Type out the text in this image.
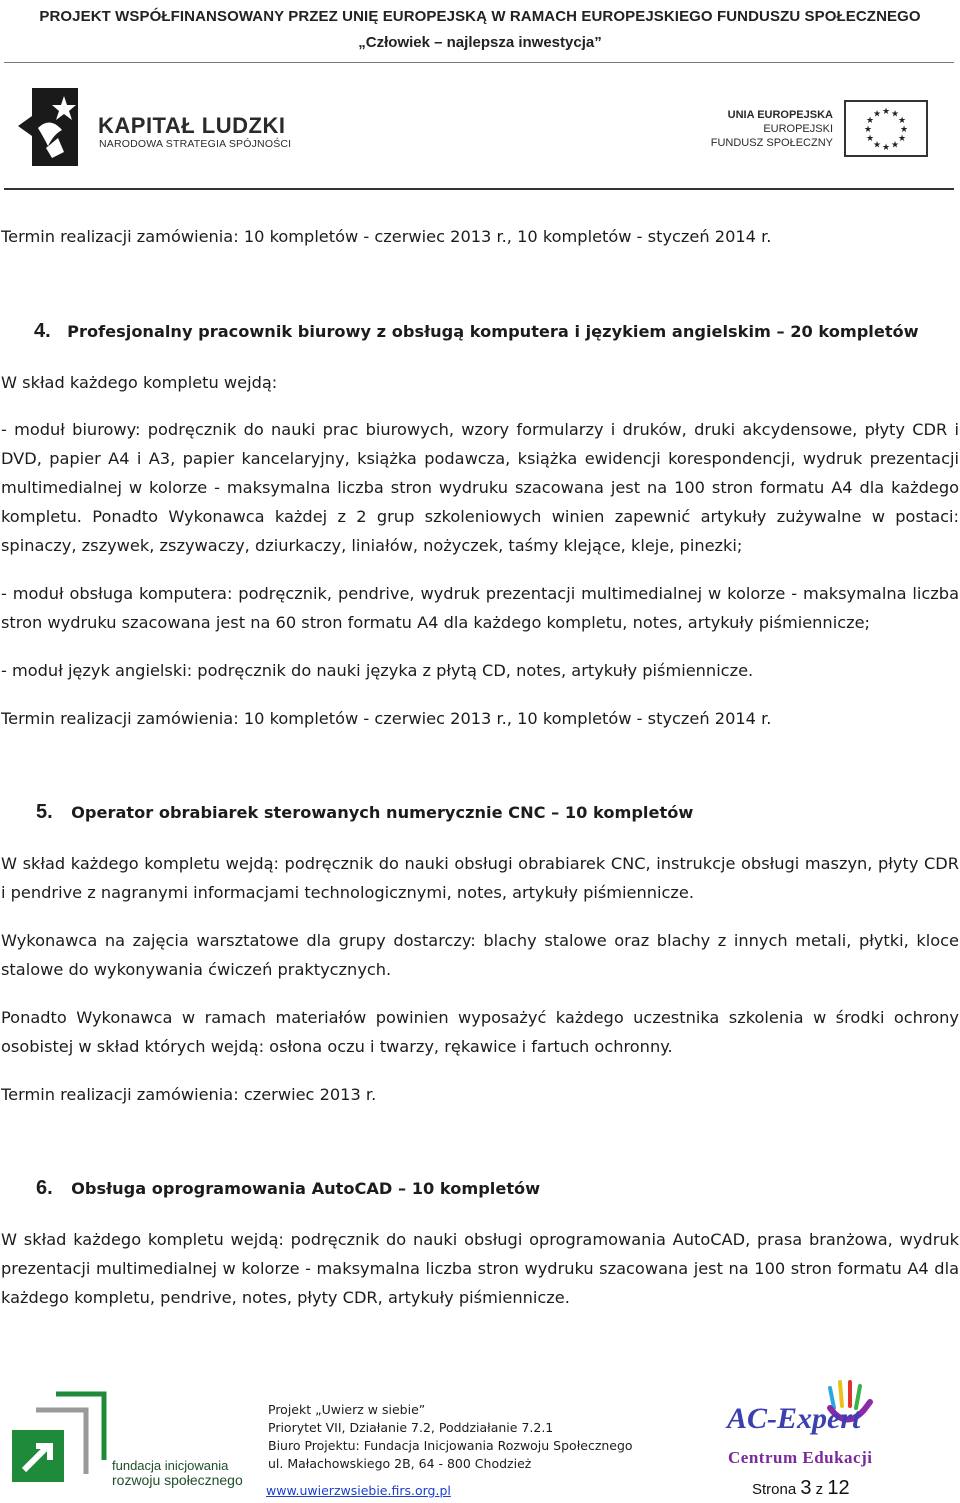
PROJEKT WSPÓŁFINANSOWANY PRZEZ UNIĘ EUROPEJSKĄ W RAMACH EUROPEJSKIEGO FUNDUSZU SPOŁECZNEGO
„Człowiek – najlepsza inwestycja”
KAPITAŁ LUDZKI
NARODOWA STRATEGIA SPÓJNOŚCI
UNIA EUROPEJSKA
EUROPEJSKI
FUNDUSZ SPOŁECZNY
★ ★
★
★
★
★
★
★
★
★
★
★

Termin realizacji zamówienia: 10 kompletów - czerwiec 2013 r., 10 kompletów - styczeń 2014 r.

4. Profesjonalny pracownik biurowy z obsługą komputera i językiem angielskim – 20 kompletów

W skład każdego kompletu wejdą:

- moduł biurowy: podręcznik do nauki prac biurowych, wzory formularzy i druków, druki akcydensowe, płyty CDR i DVD, papier A4 i A3, papier kancelaryjny, książka podawcza, książka ewidencji korespondencji, wydruk prezentacji multimedialnej w kolorze - maksymalna liczba stron wydruku szacowana jest na 100 stron formatu A4 dla każdego kompletu. Ponadto Wykonawca każdej z 2 grup szkoleniowych winien zapewnić artykuły zużywalne w postaci: spinaczy, zszywek, zszywaczy, dziurkaczy, liniałów, nożyczek, taśmy klejące, kleje, pinezki;

- moduł obsługa komputera: podręcznik, pendrive, wydruk prezentacji multimedialnej w kolorze - maksymalna liczba stron wydruku szacowana jest na 60 stron formatu A4 dla każdego kompletu, notes, artykuły piśmiennicze;

- moduł język angielski: podręcznik do nauki języka z płytą CD, notes, artykuły piśmiennicze.

Termin realizacji zamówienia: 10 kompletów - czerwiec 2013 r., 10 kompletów - styczeń 2014 r.

5. Operator obrabiarek sterowanych numerycznie CNC – 10 kompletów

W skład każdego kompletu wejdą: podręcznik do nauki obsługi obrabiarek CNC, instrukcje obsługi maszyn, płyty CDR i pendrive z nagranymi informacjami technologicznymi, notes, artykuły piśmiennicze.

Wykonawca na zajęcia warsztatowe dla grupy dostarczy: blachy stalowe oraz blachy z innych metali, płytki, kloce stalowe do wykonywania ćwiczeń praktycznych.

Ponadto Wykonawca w ramach materiałów powinien wyposażyć każdego uczestnika szkolenia w środki ochrony osobistej w skład których wejdą: osłona oczu i twarzy, rękawice i fartuch ochronny.

Termin realizacji zamówienia: czerwiec 2013 r.

6. Obsługa oprogramowania AutoCAD – 10 kompletów

W skład każdego kompletu wejdą: podręcznik do nauki obsługi oprogramowania AutoCAD, prasa branżowa, wydruk prezentacji multimedialnej w kolorze - maksymalna liczba stron wydruku szacowana jest na 100 stron formatu A4 dla każdego kompletu, pendrive, notes, płyty CDR, artykuły piśmiennicze.

fundacja inicjowania
rozwoju społecznego
Projekt „Uwierz w siebie”
Priorytet VII, Działanie 7.2, Poddziałanie 7.2.1
Biuro Projektu: Fundacja Inicjowania Rozwoju Społecznego
ul. Małachowskiego 2B, 64 - 800 Chodzież
www.uwierzwsiebie.firs.org.pl
AC-Expert
Centrum Edukacji
Strona 3 z 12
